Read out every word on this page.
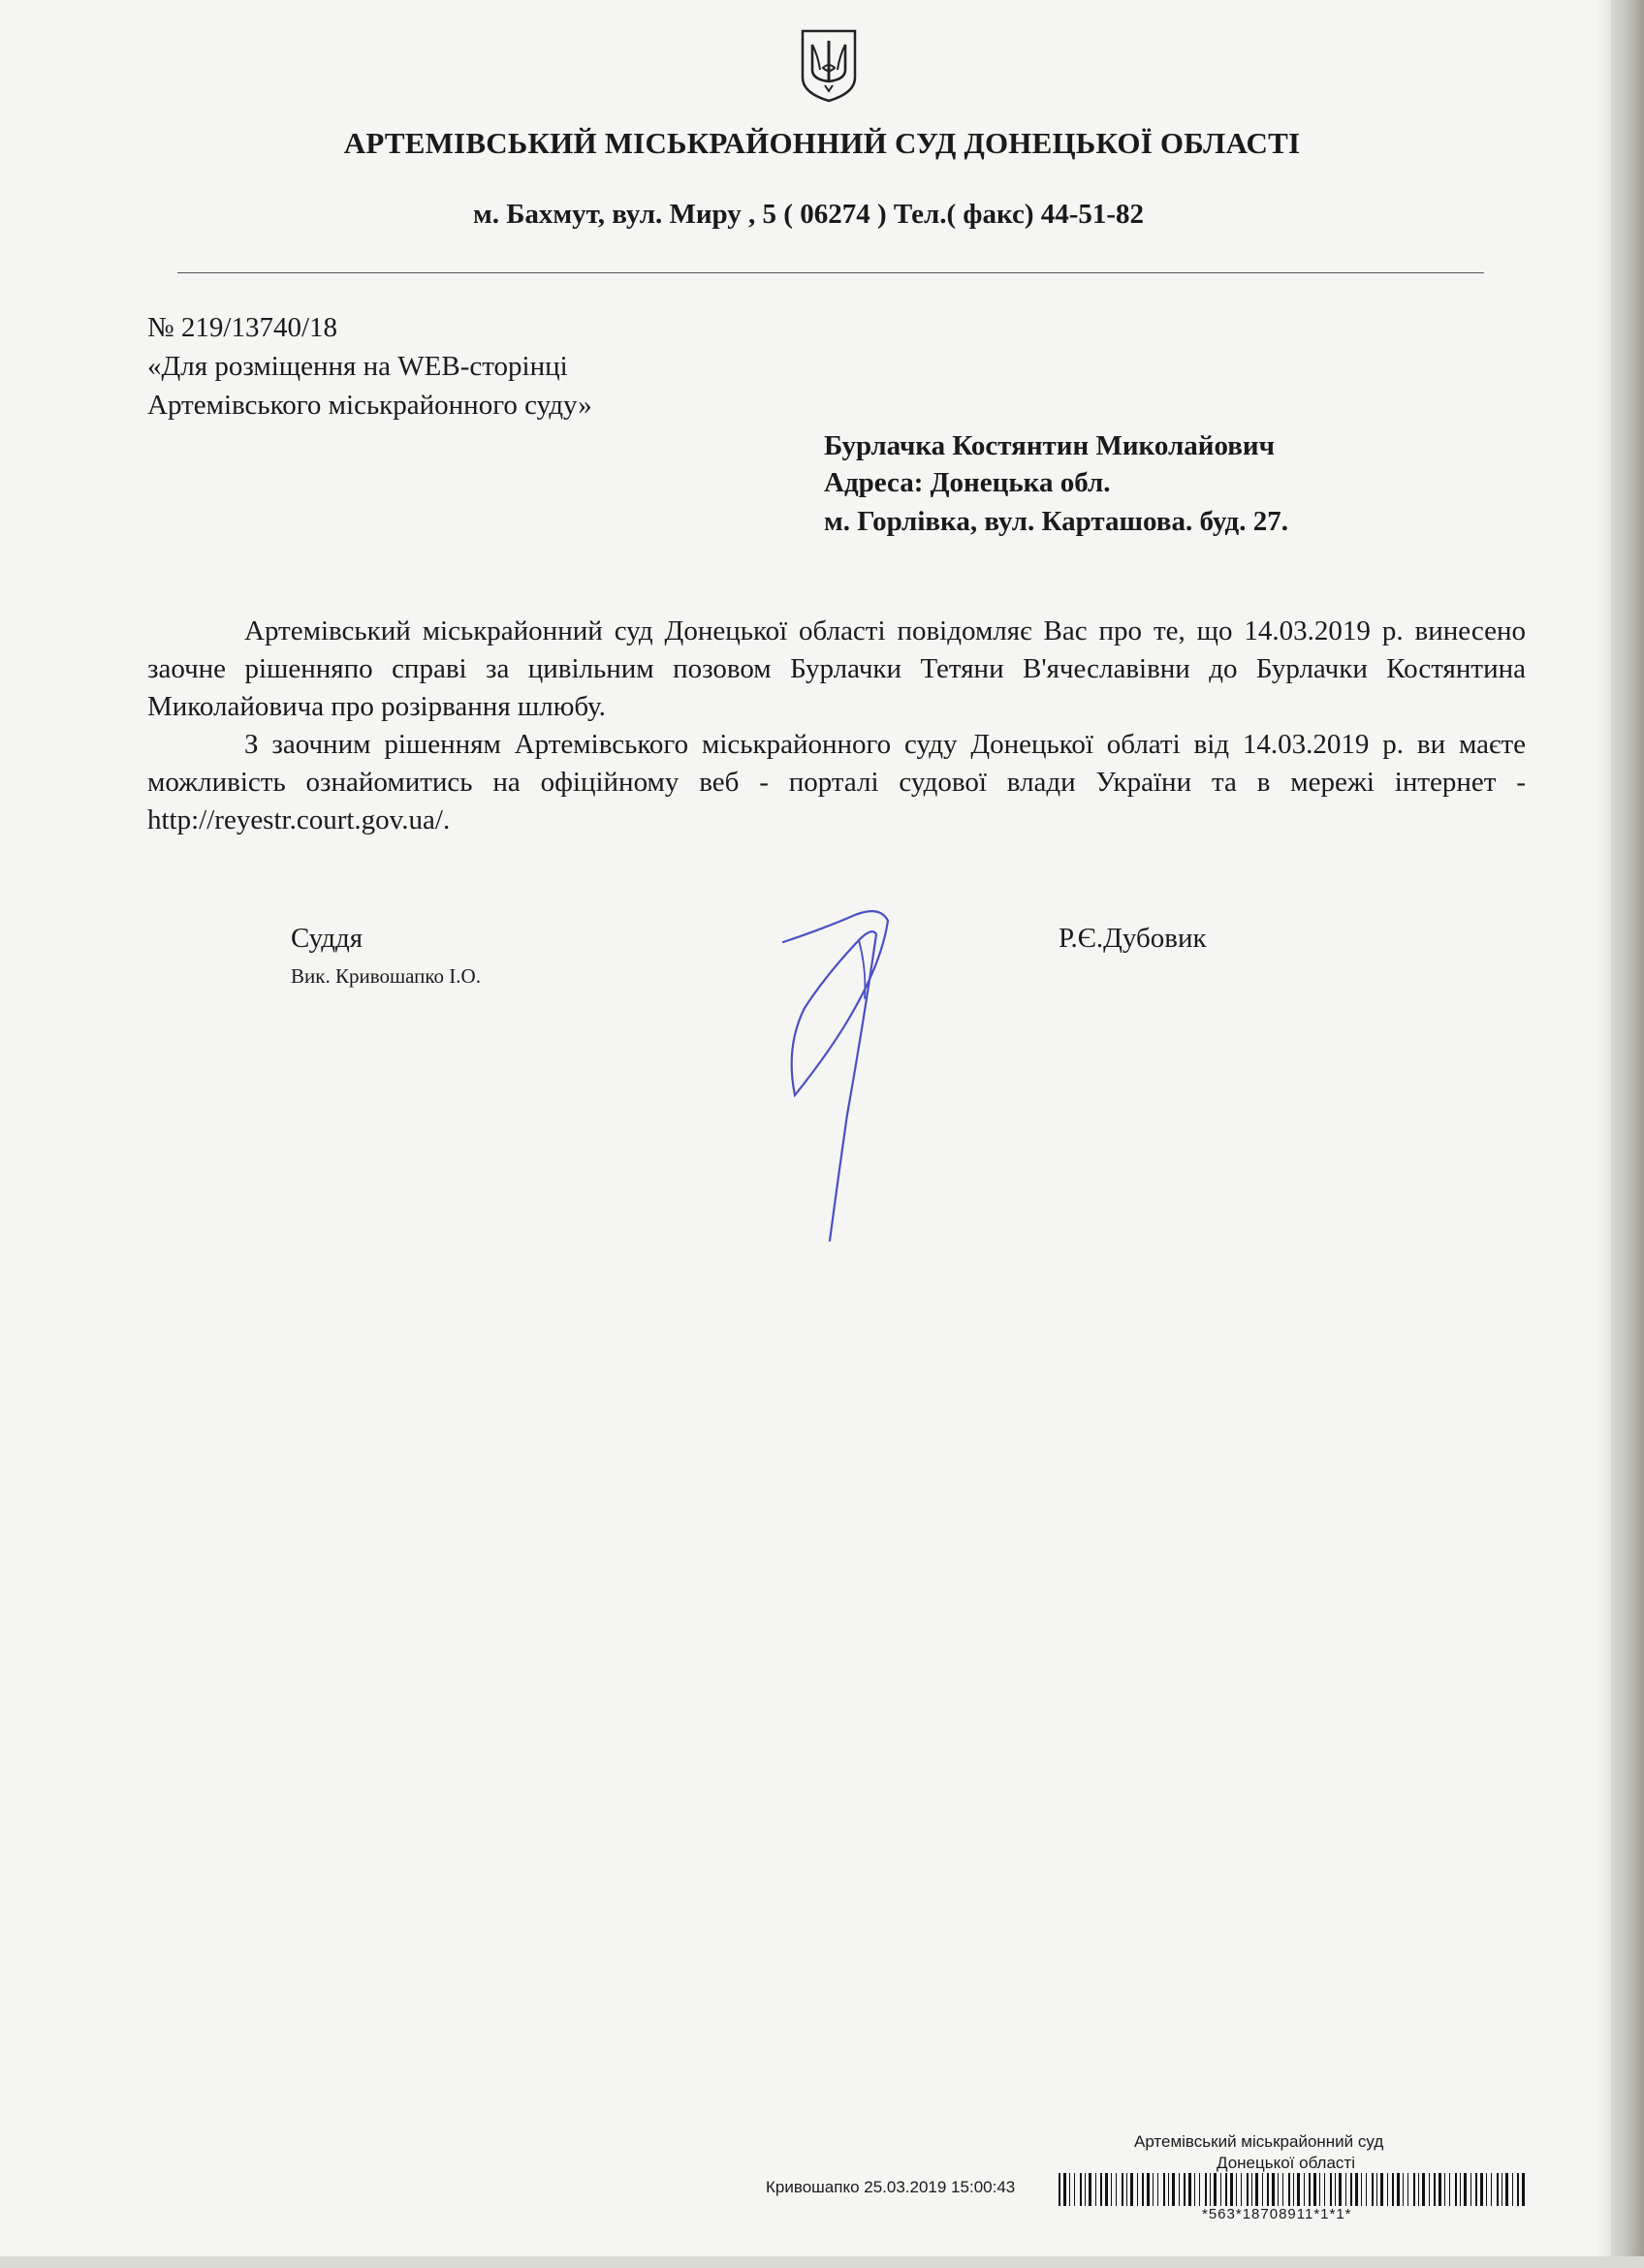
АРТЕМІВСЬКИЙ МІСЬКРАЙОННИЙ СУД ДОНЕЦЬКОЇ ОБЛАСТІ
м. Бахмут, вул. Миру , 5 ( 06274 ) Тел.( факс) 44-51-82
№ 219/13740/18
«Для розміщення на WEB-сторінці
Артемівського міськрайонного суду»
Бурлачка Костянтин Миколайович
Адреса: Донецька обл.
м. Горлівка, вул. Карташова. буд. 27.

Артемівський міськрайонний суд Донецької області повідомляє Вас про те, що 14.03.2019 р. винесено заочне рішенняпо справі за цивільним позовом Бурлачки Тетяни В'ячеславівни до Бурлачки Костянтина Миколайовича про розірвання шлюбу.

З заочним рішенням Артемівського міськрайонного суду Донецької облаті від 14.03.2019 р. ви маєте можливість ознайомитись на офіційному веб - порталі судової влади України та в мережі інтернет - http://reyestr.court.gov.ua/.

Суддя
Вик. Кривошапко І.О.
Р.Є.Дубовик
Артемівський міськрайонний суд
Донецької області
Кривошапко 25.03.2019 15:00:43
*563*18708911*1*1*
